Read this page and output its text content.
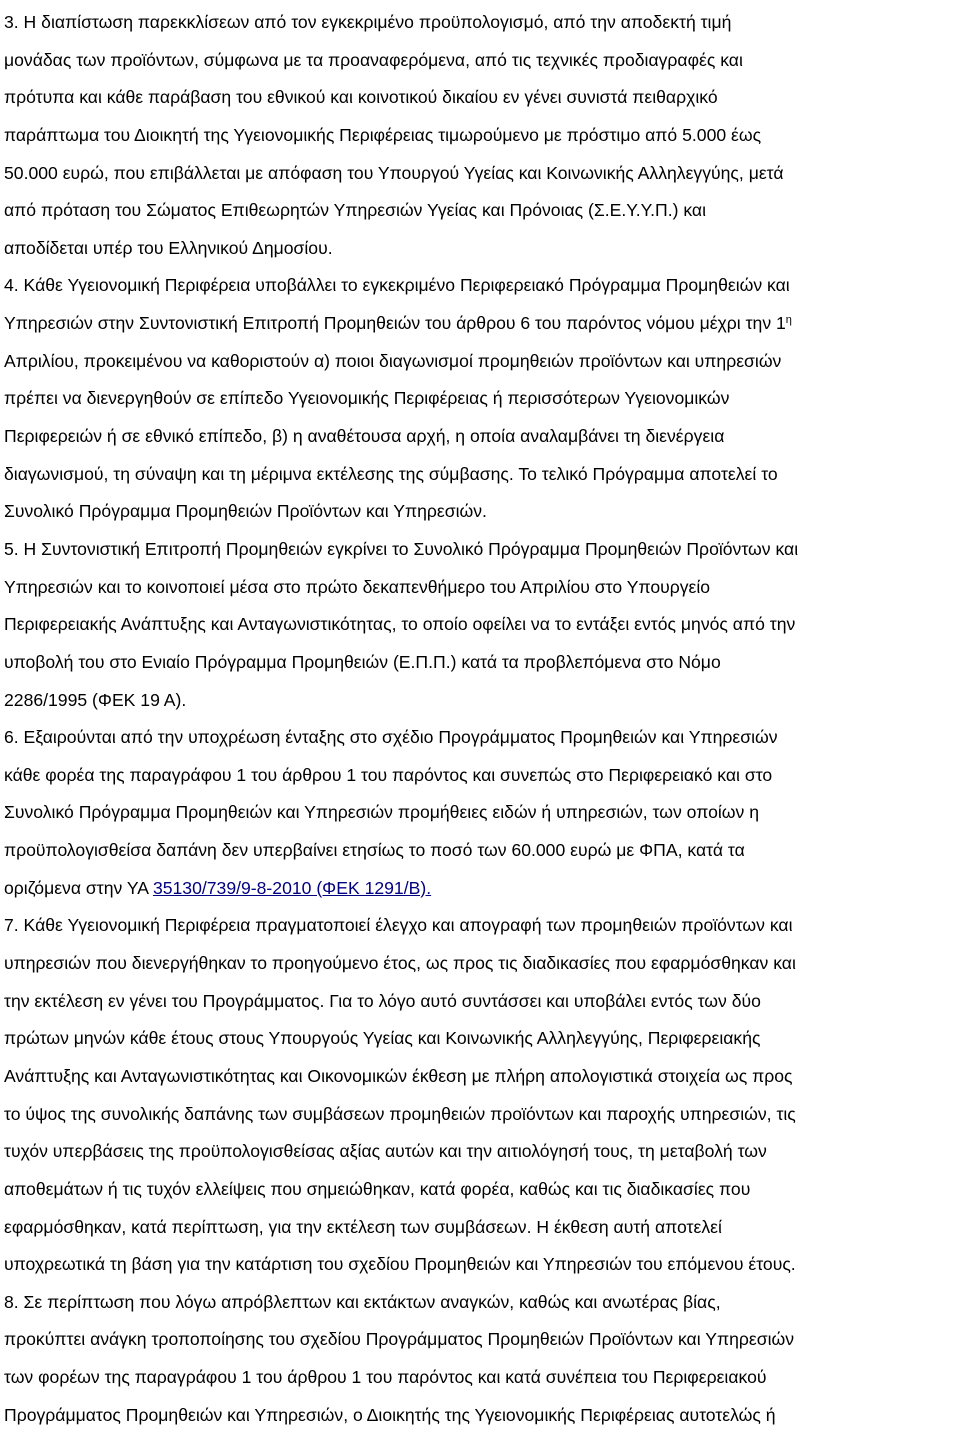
3. Η διαπίστωση παρεκκλίσεων από τον εγκεκριμένο προϋπολογισμό, από την αποδεκτή τιμή
μονάδας των προϊόντων, σύμφωνα με τα προαναφερόμενα, από τις τεχνικές προδιαγραφές και
πρότυπα και κάθε παράβαση του εθνικού και κοινοτικού δικαίου εν γένει συνιστά πειθαρχικό
παράπτωμα του Διοικητή της Υγειονομικής Περιφέρειας τιμωρούμενο με πρόστιμο από 5.000 έως
50.000 ευρώ, που επιβάλλεται με απόφαση του Υπουργού Υγείας και Κοινωνικής Αλληλεγγύης, μετά
από πρόταση του Σώματος Επιθεωρητών Υπηρεσιών Υγείας και Πρόνοιας (Σ.Ε.Υ.Υ.Π.) και
αποδίδεται υπέρ του Ελληνικού Δημοσίου.
4. Κάθε Υγειονομική Περιφέρεια υποβάλλει το εγκεκριμένο Περιφερειακό Πρόγραμμα Προμηθειών και
Υπηρεσιών στην Συντονιστική Επιτροπή Προμηθειών του άρθρου 6 του παρόντος νόμου μέχρι την $1^\eta$
Απριλίου, προκειμένου να καθοριστούν α) ποιοι διαγωνισμοί προμηθειών προϊόντων και υπηρεσιών
πρέπει να διενεργηθούν σε επίπεδο Υγειονομικής Περιφέρειας ή περισσότερων Υγειονομικών
Περιφερειών ή σε εθνικό επίπεδο, β) η αναθέτουσα αρχή, η οποία αναλαμβάνει τη διενέργεια
διαγωνισμού, τη σύναψη και τη μέριμνα εκτέλεσης της σύμβασης. Το τελικό Πρόγραμμα αποτελεί το
Συνολικό Πρόγραμμα Προμηθειών Προϊόντων και Υπηρεσιών.
5. Η Συντονιστική Επιτροπή Προμηθειών εγκρίνει το Συνολικό Πρόγραμμα Προμηθειών Προϊόντων και
Υπηρεσιών και το κοινοποιεί μέσα στο πρώτο δεκαπενθήμερο του Απριλίου στο Υπουργείο
Περιφερειακής Ανάπτυξης και Ανταγωνιστικότητας, το οποίο οφείλει να το εντάξει εντός μηνός από την
υποβολή του στο Ενιαίο Πρόγραμμα Προμηθειών (Ε.Π.Π.) κατά τα προβλεπόμενα στο Νόμο
2286/1995 (ΦΕΚ 19 Α).
6. Εξαιρούνται από την υποχρέωση ένταξης στο σχέδιο Προγράμματος Προμηθειών και Υπηρεσιών
κάθε φορέα της παραγράφου 1 του άρθρου 1 του παρόντος και συνεπώς στο Περιφερειακό και στο
Συνολικό Πρόγραμμα Προμηθειών και Υπηρεσιών προμήθειες ειδών ή υπηρεσιών, των οποίων η
προϋπολογισθείσα δαπάνη δεν υπερβαίνει ετησίως το ποσό των 60.000 ευρώ με ΦΠΑ, κατά τα
οριζόμενα στην ΥΑ 35130/739/9-8-2010 (ΦΕΚ 1291/Β).
7. Κάθε Υγειονομική Περιφέρεια πραγματοποιεί έλεγχο και απογραφή των προμηθειών προϊόντων και
υπηρεσιών που διενεργήθηκαν το προηγούμενο έτος, ως προς τις διαδικασίες που εφαρμόσθηκαν και
την εκτέλεση εν γένει του Προγράμματος. Για το λόγο αυτό συντάσσει και υποβάλει εντός των δύο
πρώτων μηνών κάθε έτους στους Υπουργούς Υγείας και Κοινωνικής Αλληλεγγύης, Περιφερειακής
Ανάπτυξης και Ανταγωνιστικότητας και Οικονομικών έκθεση με πλήρη απολογιστικά στοιχεία ως προς
το ύψος της συνολικής δαπάνης των συμβάσεων προμηθειών προϊόντων και παροχής υπηρεσιών, τις
τυχόν υπερβάσεις της προϋπολογισθείσας αξίας αυτών και την αιτιολόγησή τους, τη μεταβολή των
αποθεμάτων ή τις τυχόν ελλείψεις που σημειώθηκαν, κατά φορέα, καθώς και τις διαδικασίες που
εφαρμόσθηκαν, κατά περίπτωση, για την εκτέλεση των συμβάσεων. Η έκθεση αυτή αποτελεί
υποχρεωτικά τη βάση για την κατάρτιση του σχεδίου Προμηθειών και Υπηρεσιών του επόμενου έτους.
8. Σε περίπτωση που λόγω απρόβλεπτων και εκτάκτων αναγκών, καθώς και ανωτέρας βίας,
προκύπτει ανάγκη τροποποίησης του σχεδίου Προγράμματος Προμηθειών Προϊόντων και Υπηρεσιών
των φορέων της παραγράφου 1 του άρθρου 1 του παρόντος και κατά συνέπεια του Περιφερειακού
Προγράμματος Προμηθειών και Υπηρεσιών, ο Διοικητής της Υγειονομικής Περιφέρειας αυτοτελώς ή
